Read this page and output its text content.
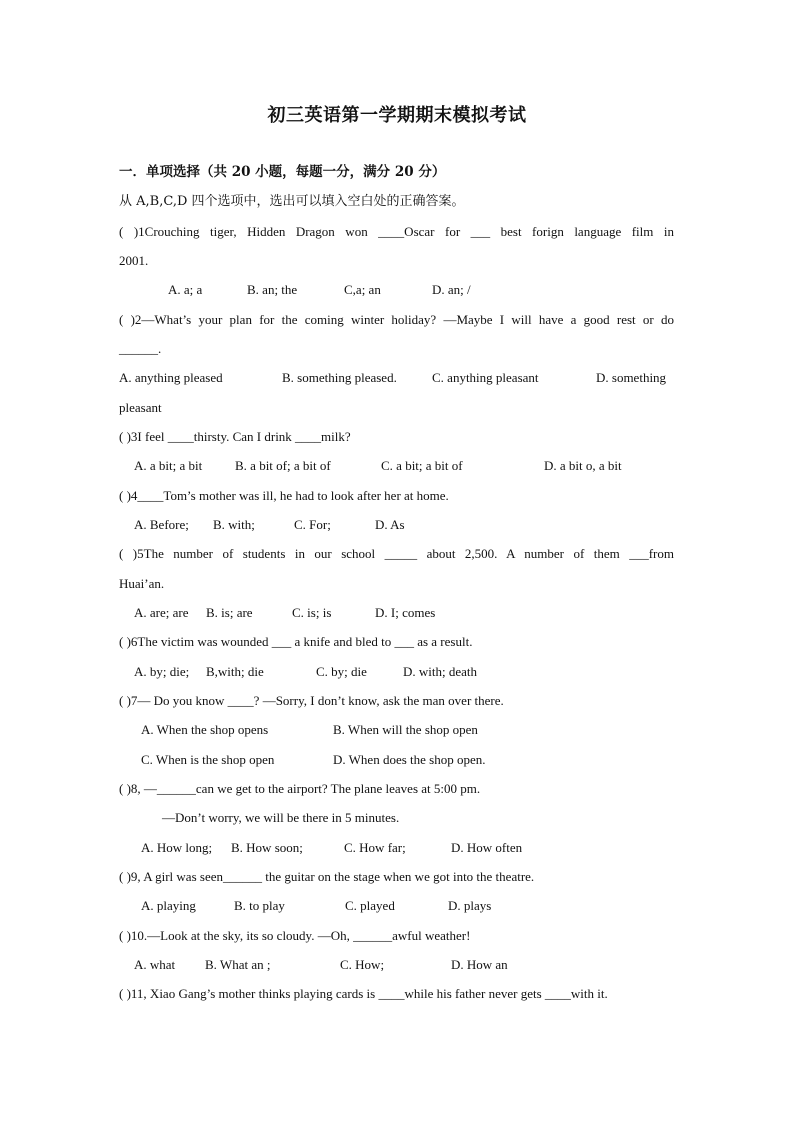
初三英语第一学期期末模拟考试
一．单项选择（共 20 小题，每题一分，满分 20 分）
从 A,B,C,D 四个选项中，选出可以填入空白处的正确答案。
( )1Crouching tiger, Hidden Dragon won ____Oscar for ___ best forign language film in
2001.
A. a; a	B. an; the	C,a; an	D. an; /
( )2—What’s your plan for the coming winter holiday? —Maybe I will have a good rest or do
______.
A. anything pleased	B. something pleased.	C. anything pleasant	D. something
pleasant
( )3I feel ____thirsty. Can I drink ____milk?
A. a bit; a bit	B. a bit of; a bit of	C. a bit; a bit of	D. a bit o, a bit
( )4____Tom’s mother was ill, he had to look after her at home.
A. Before; B. with;	C. For;	D. As
( )5The number of students in our school _____ about 2,500. A number of them ___from
Huai’an.
A. are; are B. is; are	C. is; is	D. I; comes
( )6The victim was wounded ___ a knife and bled to ___ as a result.
A. by; die; B,with; die	C. by; die	D. with; death
( )7— Do you know ____? —Sorry, I don’t know, ask the man over there.
A. When the shop opens	B. When will the shop open
C. When is the shop open	D. When does the shop open.
( )8, —______can we get to the airport? The plane leaves at 5:00 pm.
—Don’t worry, we will be there in 5 minutes.
A. How long; B. How soon;	C. How far;	D. How often
( )9, A girl was seen______ the guitar on the stage when we got into the theatre.
A. playing	B. to play	C. played	D. plays
( )10.—Look at the sky, its so cloudy. —Oh, ______awful weather!
A. what B. What an ;	C. How;	D. How an
( )11, Xiao Gang’s mother thinks playing cards is ____while his father never gets ____with it.
